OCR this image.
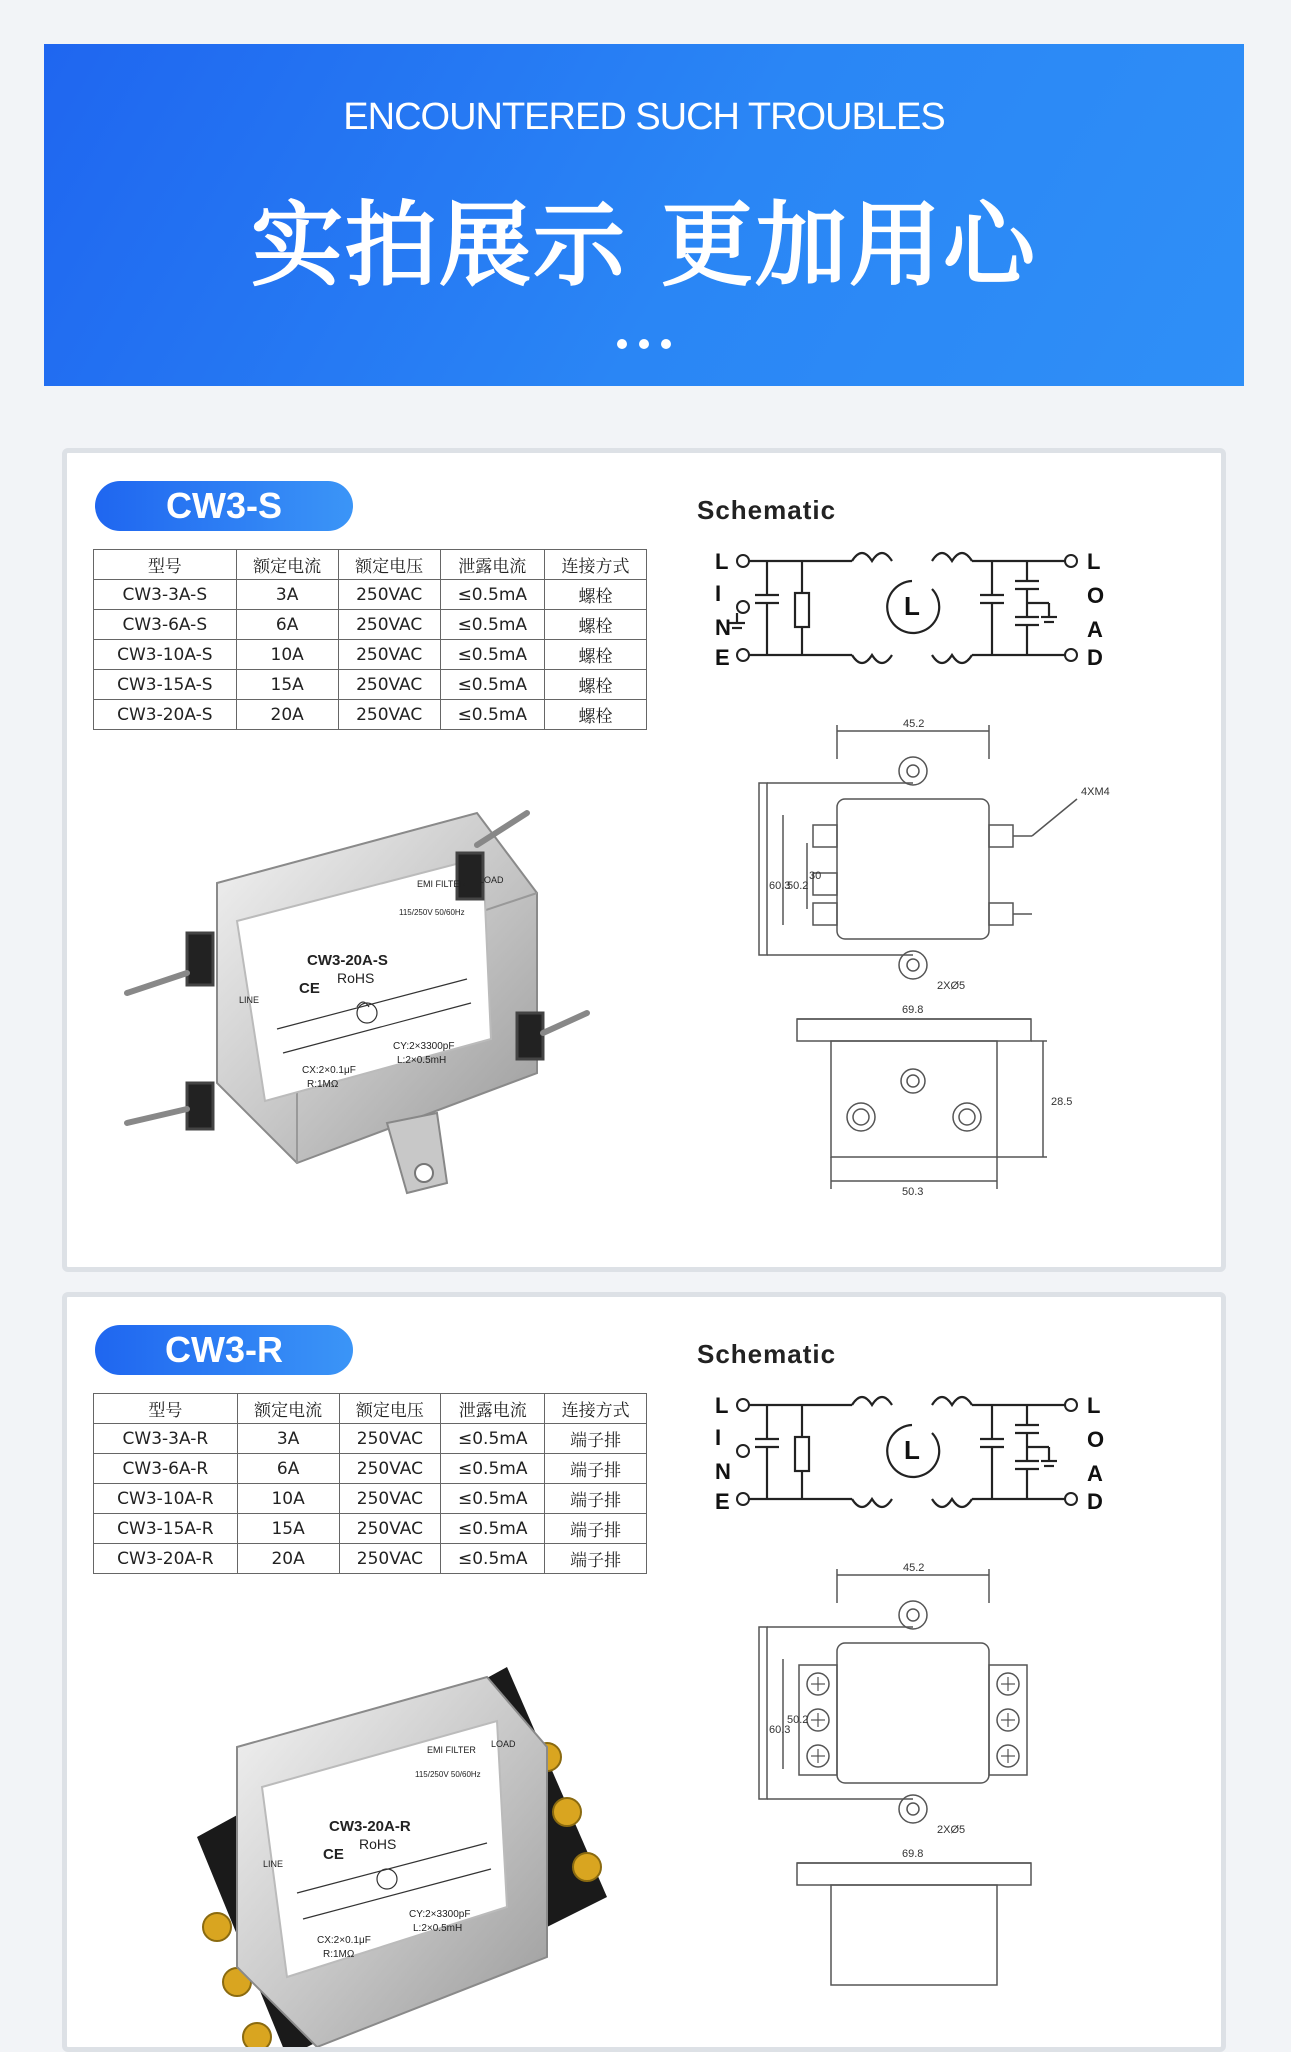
ENCOUNTERED SUCH TROUBLES
实拍展示 更加用心
CW3-S
型号	额定电流	额定电压	泄露电流	连接方式
CW3-3A-S	3A	250VAC	≤0.5mA	螺栓
CW3-6A-S	6A	250VAC	≤0.5mA	螺栓
CW3-10A-S	10A	250VAC	≤0.5mA	螺栓
CW3-15A-S	15A	250VAC	≤0.5mA	螺栓
CW3-20A-S	20A	250VAC	≤0.5mA	螺栓
Schematic
L
I
N
E
L
O
A
D
L
45.2
4XM4
60.3
50.2
30
2XØ5
69.8
50.3
28.5
EMI FILTER
CW3-20A-S
115/250V 50/60Hz
CE
RoHS
CX:2×0.1μF
CY:2×3300pF
R:1MΩ
L:2×0.5mH
LINE
LOAD
CW3-R
型号	额定电流	额定电压	泄露电流	连接方式
CW3-3A-R	3A	250VAC	≤0.5mA	端子排
CW3-6A-R	6A	250VAC	≤0.5mA	端子排
CW3-10A-R	10A	250VAC	≤0.5mA	端子排
CW3-15A-R	15A	250VAC	≤0.5mA	端子排
CW3-20A-R	20A	250VAC	≤0.5mA	端子排
Schematic
L
I
N
E
L
O
A
D
L
45.2
60.3
50.2
2XØ5
69.8
EMI FILTER
CW3-20A-R
115/250V 50/60Hz
CE
RoHS
CX:2×0.1μF
CY:2×3300pF
R:1MΩ
L:2×0.5mH
LINE
LOAD
